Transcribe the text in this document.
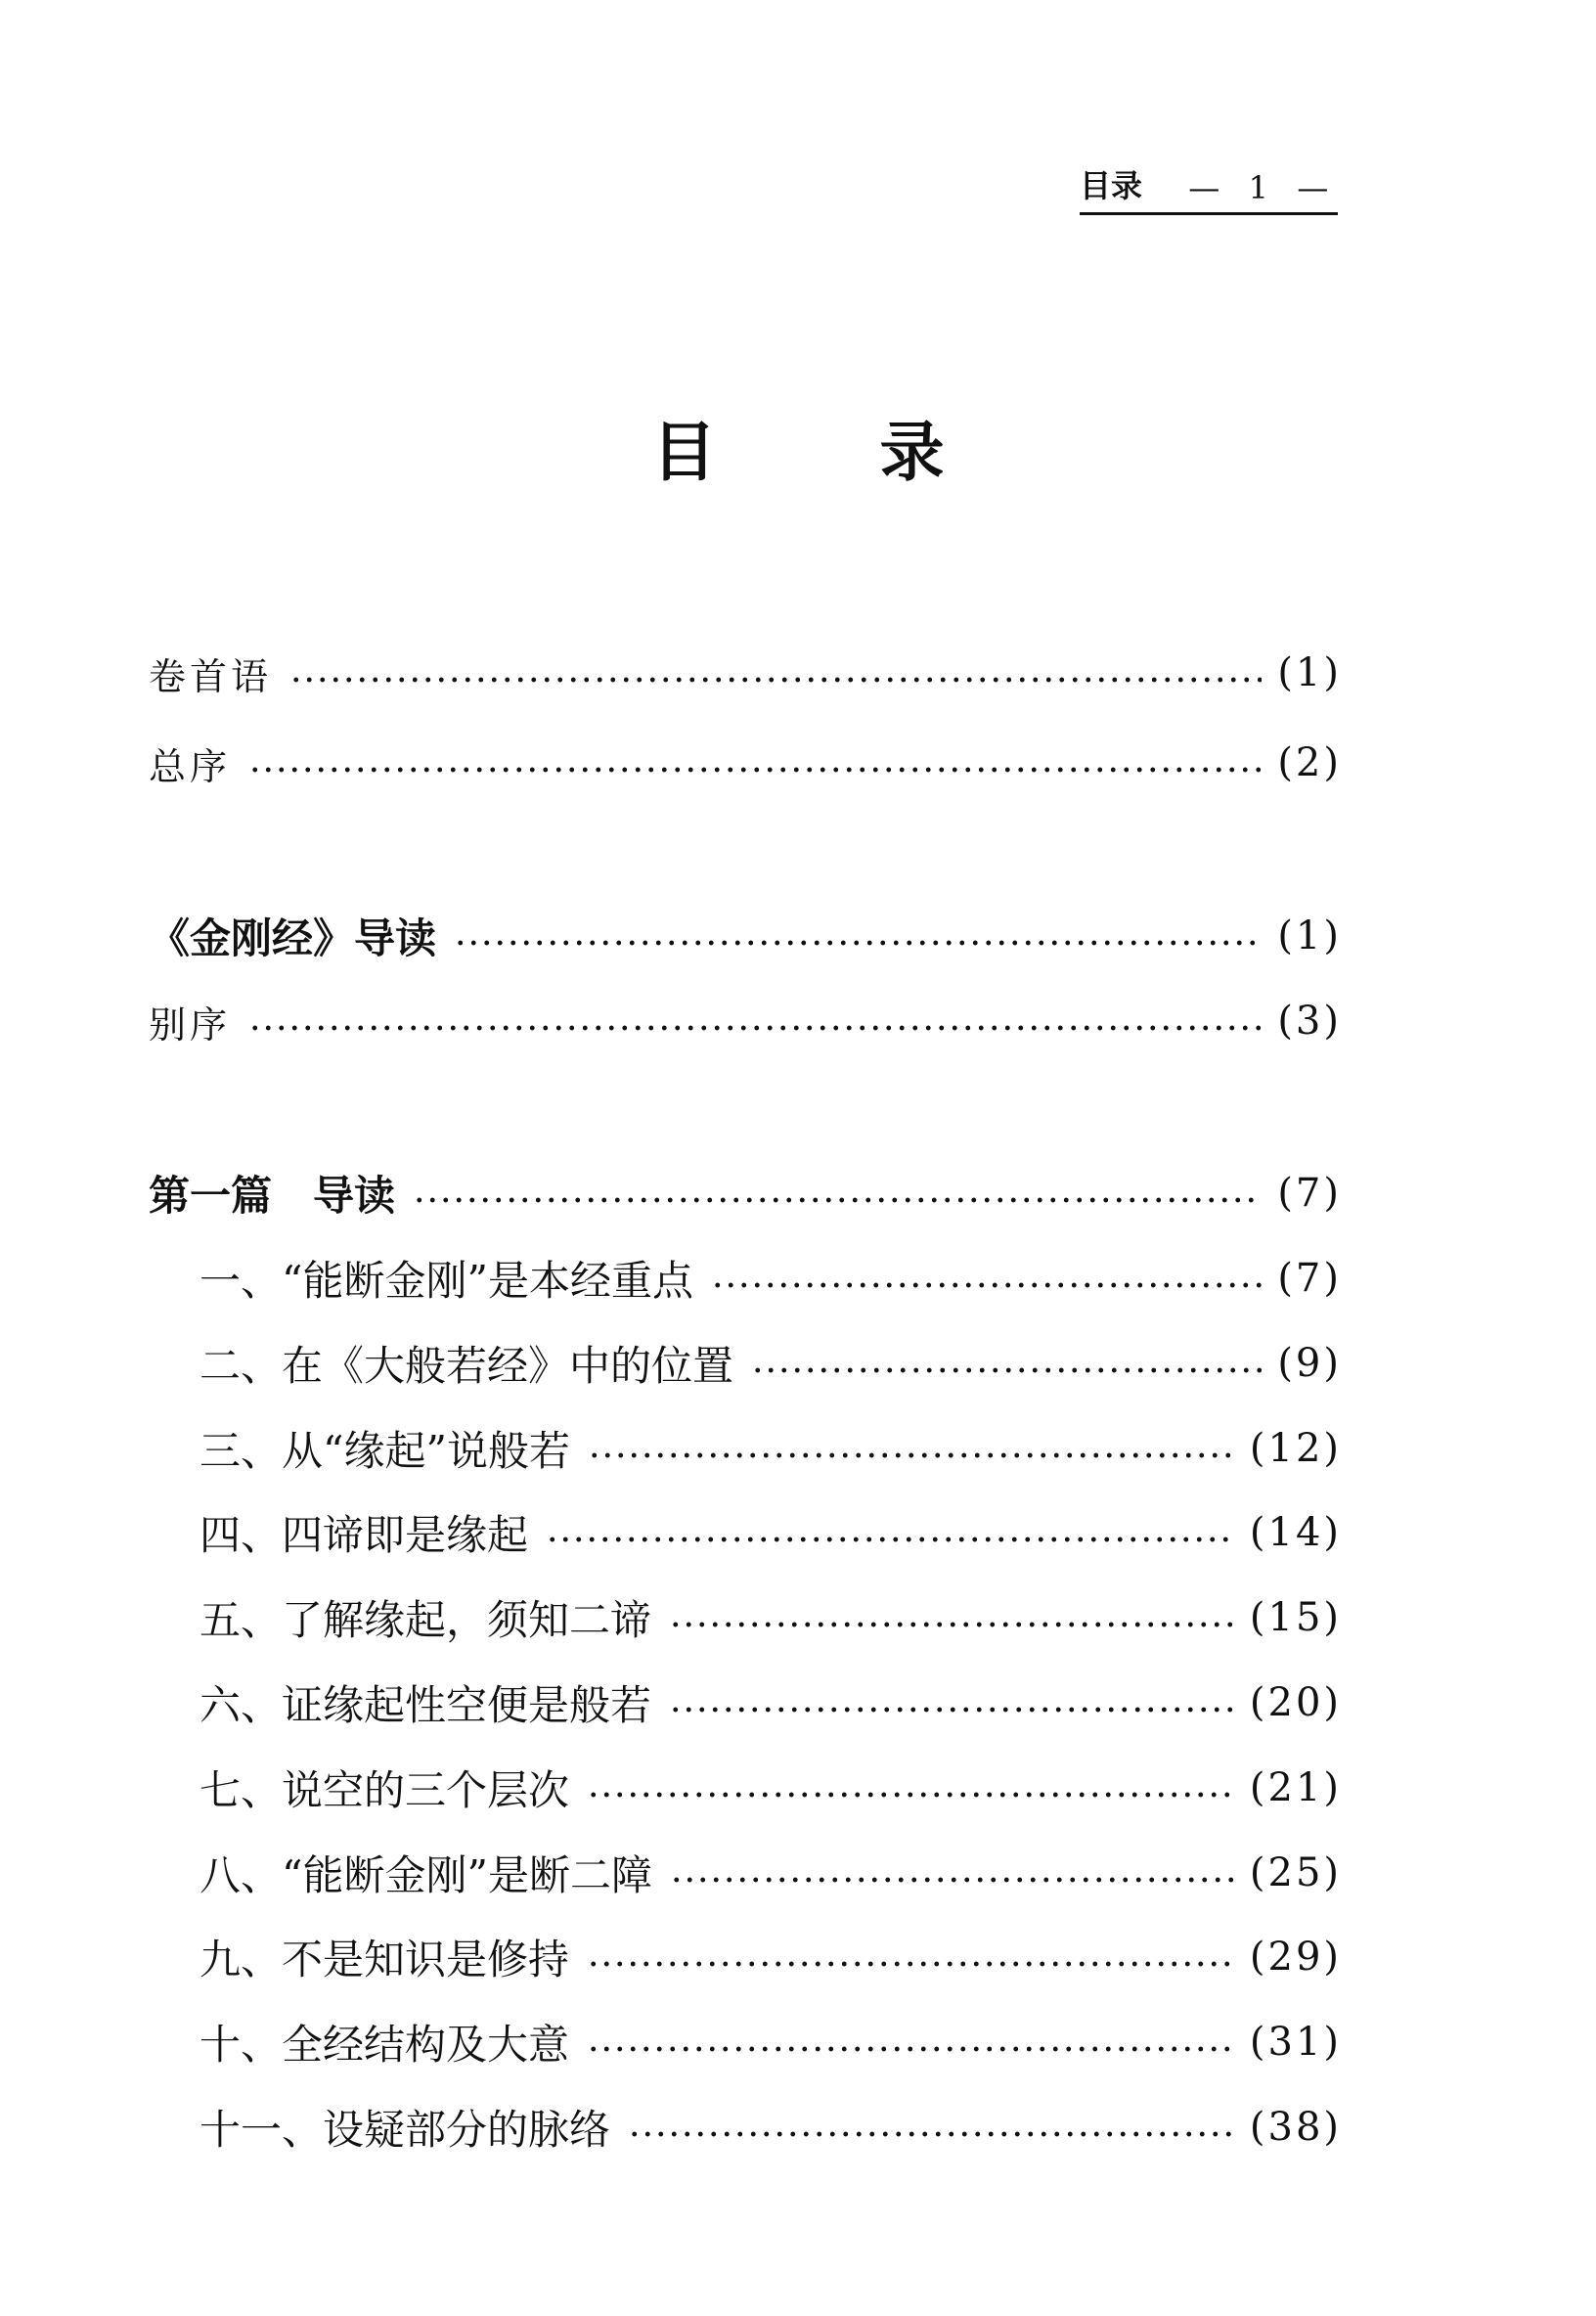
目录 — 1 —
目 录
卷首语	(1)
总序	(2)
《金刚经》导读	(1)
别序	(3)
第一篇　导读	(7)
一、“能断金刚”是本经重点	(7)
二、在《大般若经》中的位置	(9)
三、从“缘起”说般若	(12)
四、四谛即是缘起	(14)
五、了解缘起，须知二谛	(15)
六、证缘起性空便是般若	(20)
七、说空的三个层次	(21)
八、“能断金刚”是断二障	(25)
九、不是知识是修持	(29)
十、全经结构及大意	(31)
十一、设疑部分的脉络	(38)
